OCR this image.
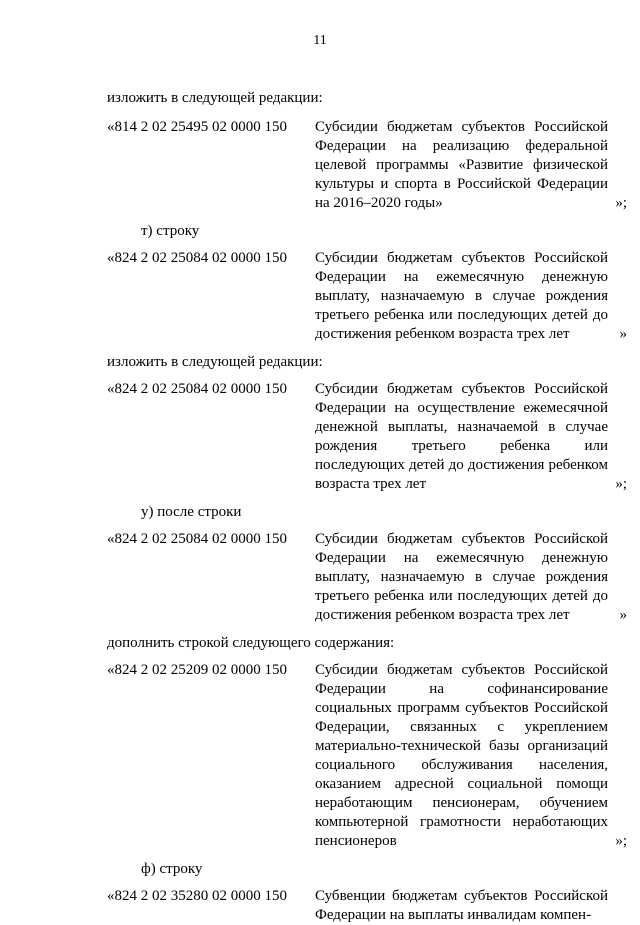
11

изложить в следующей редакции:

«814 2 02 25495 02 0000 150	Субсидии бюджетам субъектов Российской Федерации на реализацию федеральной целевой программы «Развитие физической культуры и спорта в Российской Федерации на 2016–2020 годы»	»;

т) строку

«824 2 02 25084 02 0000 150	Субсидии бюджетам субъектов Российской Федерации на ежемесячную денежную выплату, назначаемую в случае рождения третьего ребенка или последующих детей до достижения ребенком возраста трех лет	»

изложить в следующей редакции:

«824 2 02 25084 02 0000 150	Субсидии бюджетам субъектов Российской Федерации на осуществление ежемесячной денежной выплаты, назначаемой в случае рождения третьего ребенка или последующих детей до достижения ребенком возраста трех лет	»;

у) после строки

«824 2 02 25084 02 0000 150	Субсидии бюджетам субъектов Российской Федерации на ежемесячную денежную выплату, назначаемую в случае рождения третьего ребенка или последующих детей до достижения ребенком возраста трех лет	»

дополнить строкой следующего содержания:

«824 2 02 25209 02 0000 150	Субсидии бюджетам субъектов Российской Федерации на софинансирование социальных программ субъектов Российской Федерации, связанных с укреплением материально-технической базы организаций социального обслуживания населения, оказанием адресной социальной помощи неработающим пенсионерам, обучением компьютерной грамотности неработающих пенсионеров	»;

ф) строку

«824 2 02 35280 02 0000 150	Субвенции бюджетам субъектов Российской Федерации на выплаты инвалидам компен-
